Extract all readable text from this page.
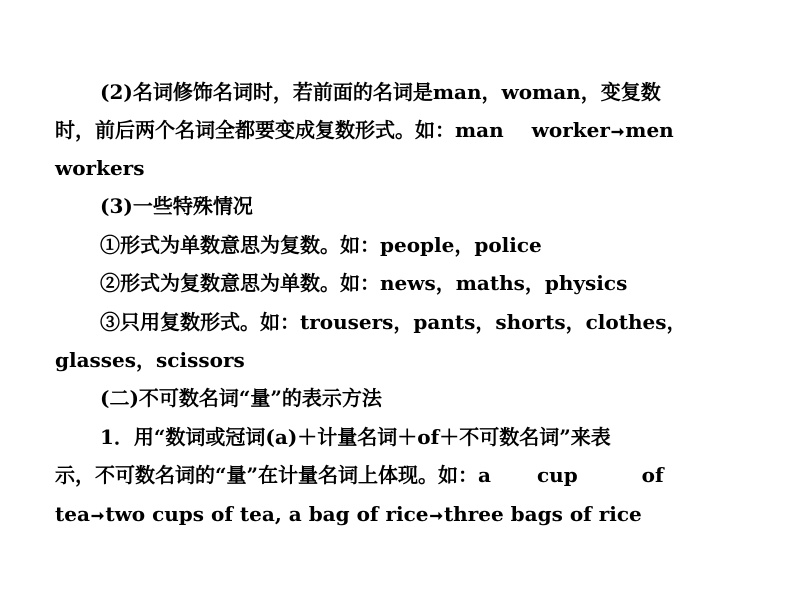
(2)名词修饰名词时，若前面的名词是man，woman，变复数
时，前后两个名词全都要变成复数形式。如：man worker➞men
workers
(3)一些特殊情况
①形式为单数意思为复数。如：people，police
②形式为复数意思为单数。如：news，maths，physics
③只用复数形式。如：trousers，pants，shorts，clothes，
glasses，scissors
(二)不可数名词“量”的表示方法
1．用“数词或冠词(a)＋计量名词＋of＋不可数名词”来表
示，不可数名词的“量”在计量名词上体现。如：a cup	of
tea➞two cups of tea, a bag of rice➞three bags of rice
